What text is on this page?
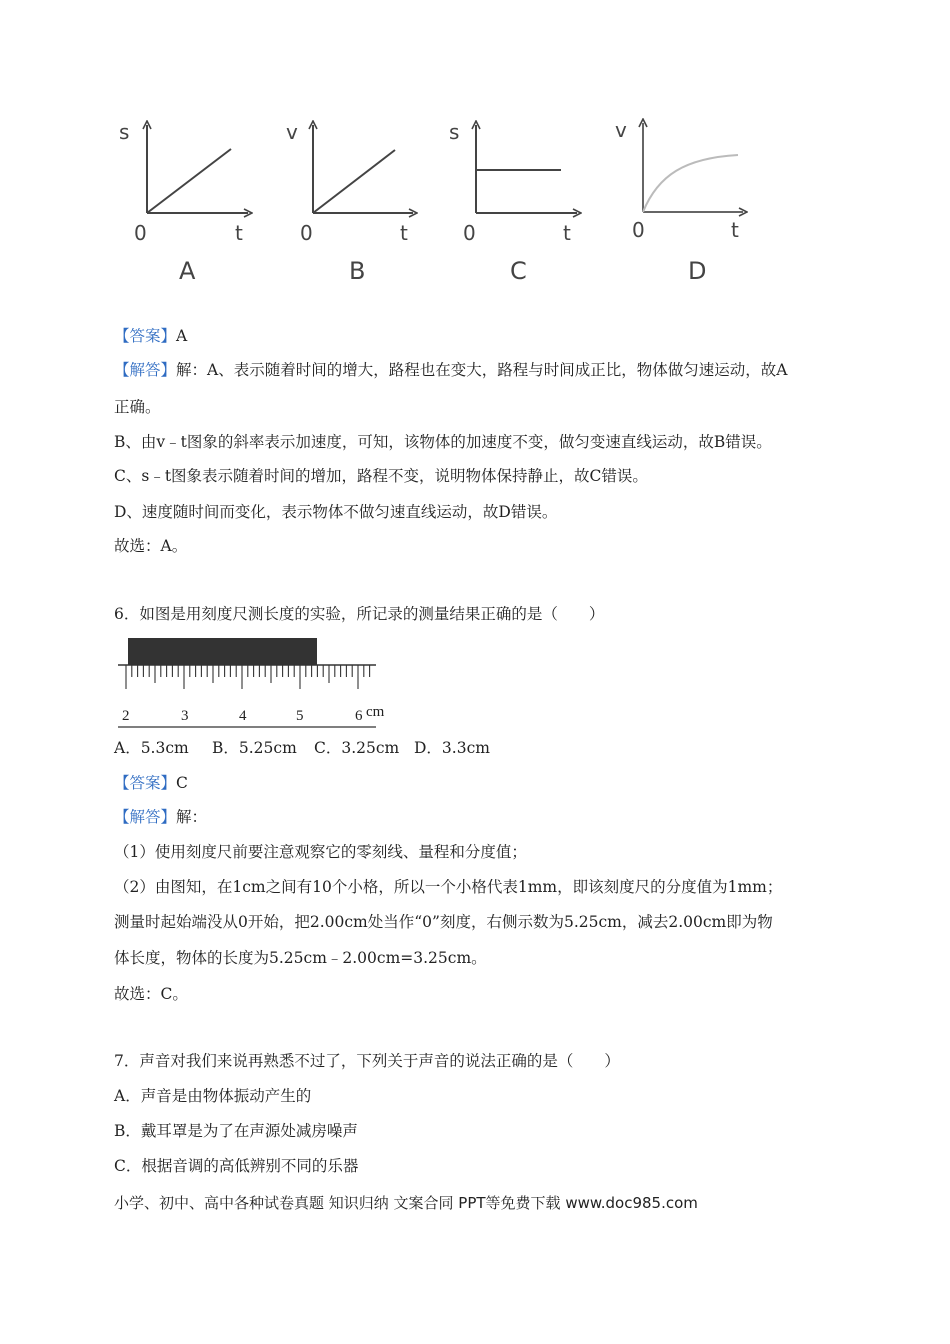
s
0	t
A
v
0	t
B
s
0	t
C
v
0	t
D
【答案】A
【解答】解：A、表示随着时间的增大，路程也在变大，路程与时间成正比，物体做匀速运动，故A
正确。
B、由v﹣t图象的斜率表示加速度，可知，该物体的加速度不变，做匀变速直线运动，故B错误。
C、s﹣t图象表示随着时间的增加，路程不变，说明物体保持静止，故C错误。
D、速度随时间而变化，表示物体不做匀速直线运动，故D错误。
故选：A。
6．如图是用刻度尺测长度的实验，所记录的测量结果正确的是（　　）
2	3	4	5	6 cm
A．5.3cm B．5.25cm C．3.25cm D．3.3cm
【答案】C
【解答】解：
（1）使用刻度尺前要注意观察它的零刻线、量程和分度值；
（2）由图知，在1cm之间有10个小格，所以一个小格代表1mm，即该刻度尺的分度值为1mm；
测量时起始端没从0开始，把2.00cm处当作“0”刻度，右侧示数为5.25cm，减去2.00cm即为物
体长度，物体的长度为5.25cm﹣2.00cm=3.25cm。
故选：C。
7．声音对我们来说再熟悉不过了，下列关于声音的说法正确的是（　　）
A．声音是由物体振动产生的
B．戴耳罩是为了在声源处减房噪声
C．根据音调的高低辨别不同的乐器
小学、初中、高中各种试卷真题 知识归纳 文案合同 PPT等免费下载 www.doc985.com
